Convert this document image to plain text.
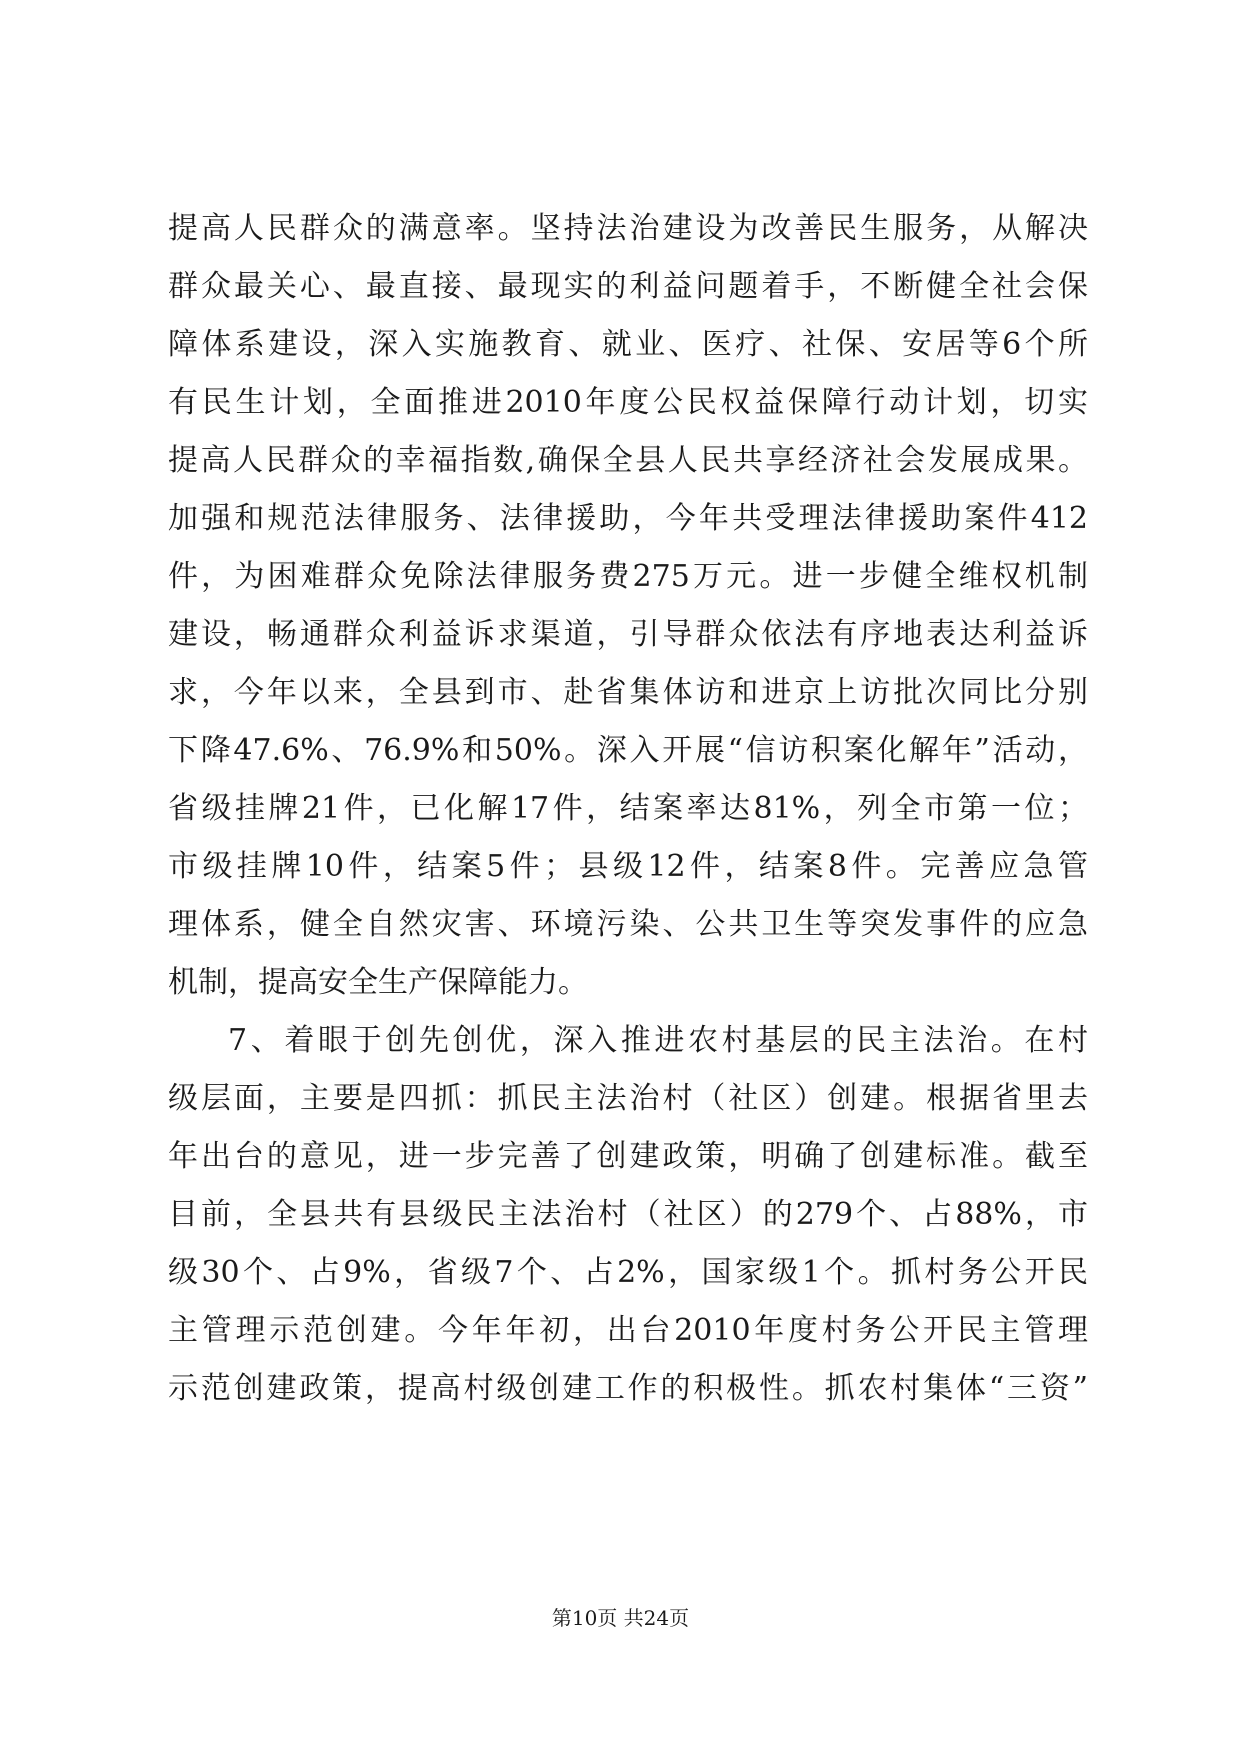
提高人民群众的满意率。坚持法治建设为改善民生服务，从解决
群众最关心、最直接、最现实的利益问题着手，不断健全社会保
障体系建设，深入实施教育、就业、医疗、社保、安居等6个所
有民生计划，全面推进2010年度公民权益保障行动计划，切实
提高人民群众的幸福指数,确保全县人民共享经济社会发展成果。
加强和规范法律服务、法律援助，今年共受理法律援助案件412
件，为困难群众免除法律服务费275万元。进一步健全维权机制
建设，畅通群众利益诉求渠道，引导群众依法有序地表达利益诉
求，今年以来，全县到市、赴省集体访和进京上访批次同比分别
下降47.6%、76.9%和50%。深入开展“信访积案化解年”活动，
省级挂牌21件，已化解17件，结案率达81%，列全市第一位；
市级挂牌10件，结案5件；县级12件，结案8件。完善应急管
理体系，健全自然灾害、环境污染、公共卫生等突发事件的应急
机制，提高安全生产保障能力。
7、着眼于创先创优，深入推进农村基层的民主法治。在村
级层面，主要是四抓：抓民主法治村（社区）创建。根据省里去
年出台的意见，进一步完善了创建政策，明确了创建标准。截至
目前，全县共有县级民主法治村（社区）的279个、占88%，市
级30个、占9%，省级7个、占2%，国家级1个。抓村务公开民
主管理示范创建。今年年初，出台2010年度村务公开民主管理
示范创建政策，提高村级创建工作的积极性。抓农村集体“三资”
第10页 共24页
